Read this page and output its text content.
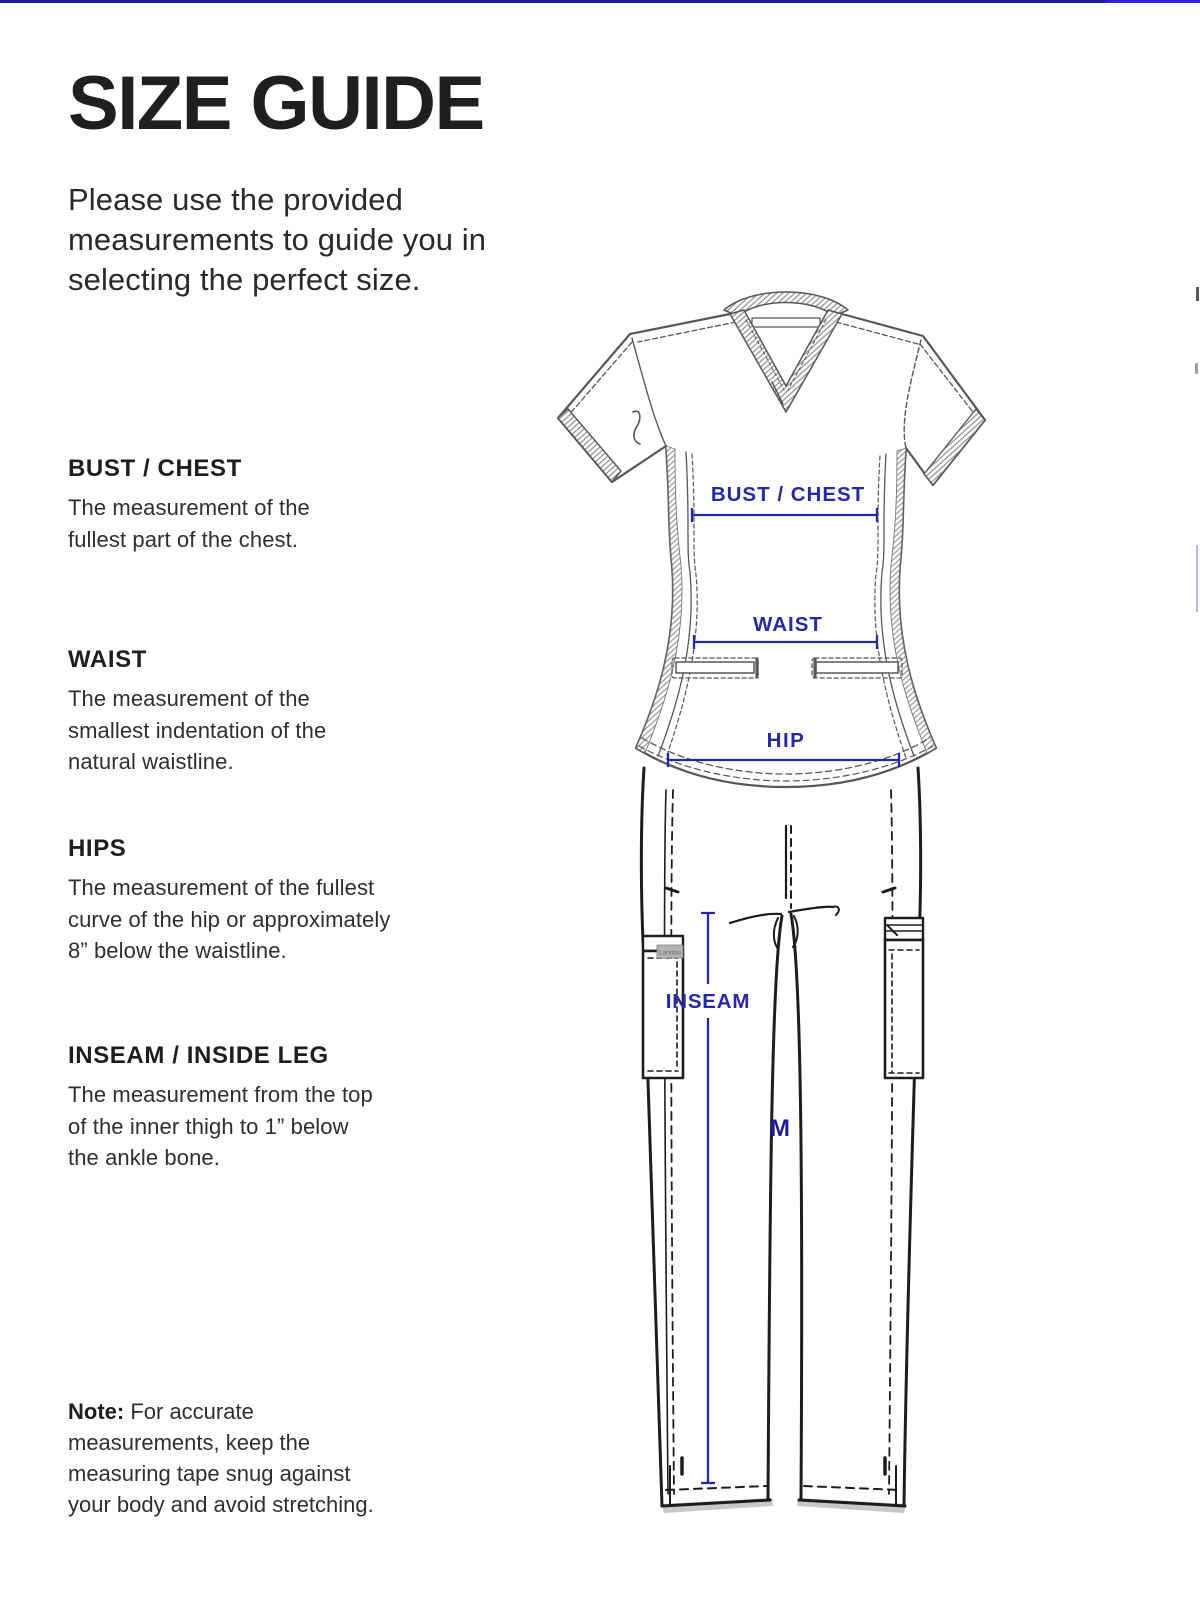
SIZE GUIDE

Please use the provided
measurements to guide you in
selecting the perfect size.

BUST / CHEST
The measurement of the
fullest part of the chest.
WAIST
The measurement of the
smallest indentation of the
natural waistline.
HIPS
The measurement of the fullest
curve of the hip or approximately
8” below the waistline.
INSEAM / INSIDE LEG
The measurement from the top
of the inner thigh to 1” below
the ankle bone.

Note: For accurate
measurements, keep the
measuring tape snug against
your body and avoid stretching.

Landau
BUST / CHEST
WAIST
HIP
INSEAM
M
